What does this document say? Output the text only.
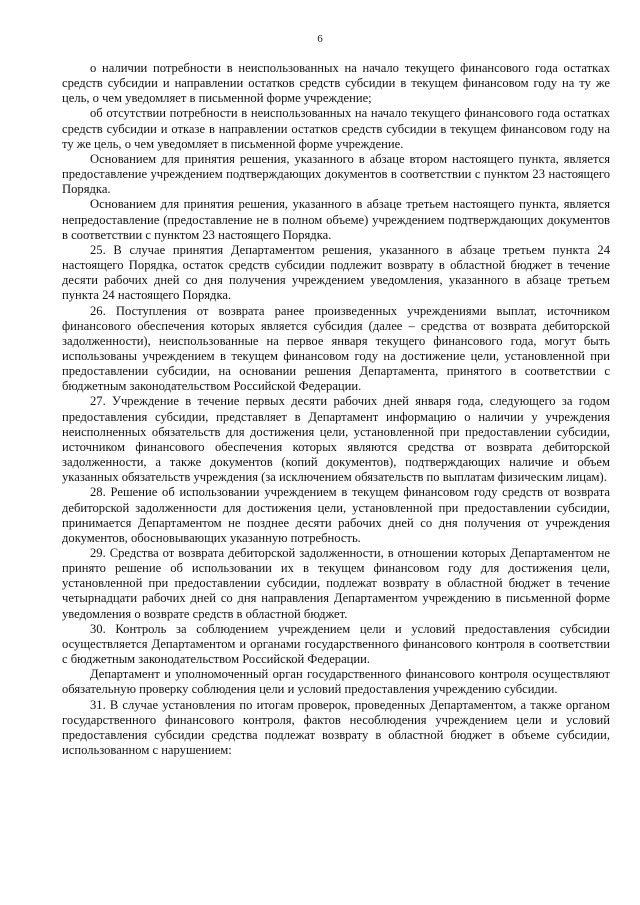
6

о наличии потребности в неиспользованных на начало текущего финансового года остатках средств субсидии и направлении остатков средств субсидии в текущем финансовом году на ту же цель, о чем уведомляет в письменной форме учреждение;

об отсутствии потребности в неиспользованных на начало текущего финансового года остатках средств субсидии и отказе в направлении остатков средств субсидии в текущем финансовом году на ту же цель, о чем уведомляет в письменной форме учреждение.

Основанием для принятия решения, указанного в абзаце втором настоящего пункта, является предоставление учреждением подтверждающих документов в соответствии с пунктом 23 настоящего Порядка.

Основанием для принятия решения, указанного в абзаце третьем настоящего пункта, является непредоставление (предоставление не в полном объеме) учреждением подтверждающих документов в соответствии с пунктом 23 настоящего Порядка.

25. В случае принятия Департаментом решения, указанного в абзаце третьем пункта 24 настоящего Порядка, остаток средств субсидии подлежит возврату в областной бюджет в течение десяти рабочих дней со дня получения учреждением уведомления, указанного в абзаце третьем пункта 24 настоящего Порядка.

26. Поступления от возврата ранее произведенных учреждениями выплат, источником финансового обеспечения которых является субсидия (далее – средства от возврата дебиторской задолженности), неиспользованные на первое января текущего финансового года, могут быть использованы учреждением в текущем финансовом году на достижение цели, установленной при предоставлении субсидии, на основании решения Департамента, принятого в соответствии с бюджетным законодательством Российской Федерации.

27. Учреждение в течение первых десяти рабочих дней января года, следующего за годом предоставления субсидии, представляет в Департамент информацию о наличии у учреждения неисполненных обязательств для достижения цели, установленной при предоставлении субсидии, источником финансового обеспечения которых являются средства от возврата дебиторской задолженности, а также документов (копий документов), подтверждающих наличие и объем указанных обязательств учреждения (за исключением обязательств по выплатам физическим лицам).

28. Решение об использовании учреждением в текущем финансовом году средств от возврата дебиторской задолженности для достижения цели, установленной при предоставлении субсидии, принимается Департаментом не позднее десяти рабочих дней со дня получения от учреждения документов, обосновывающих указанную потребность.

29. Средства от возврата дебиторской задолженности, в отношении которых Департаментом не принято решение об использовании их в текущем финансовом году для достижения цели, установленной при предоставлении субсидии, подлежат возврату в областной бюджет в течение четырнадцати рабочих дней со дня направления Департаментом учреждению в письменной форме уведомления о возврате средств в областной бюджет.

30. Контроль за соблюдением учреждением цели и условий предоставления субсидии осуществляется Департаментом и органами государственного финансового контроля в соответствии с бюджетным законодательством Российской Федерации.

Департамент и уполномоченный орган государственного финансового контроля осуществляют обязательную проверку соблюдения цели и условий предоставления учреждению субсидии.

31. В случае установления по итогам проверок, проведенных Департаментом, а также органом государственного финансового контроля, фактов несоблюдения учреждением цели и условий предоставления субсидии средства подлежат возврату в областной бюджет в объеме субсидии, использованном с нарушением:
